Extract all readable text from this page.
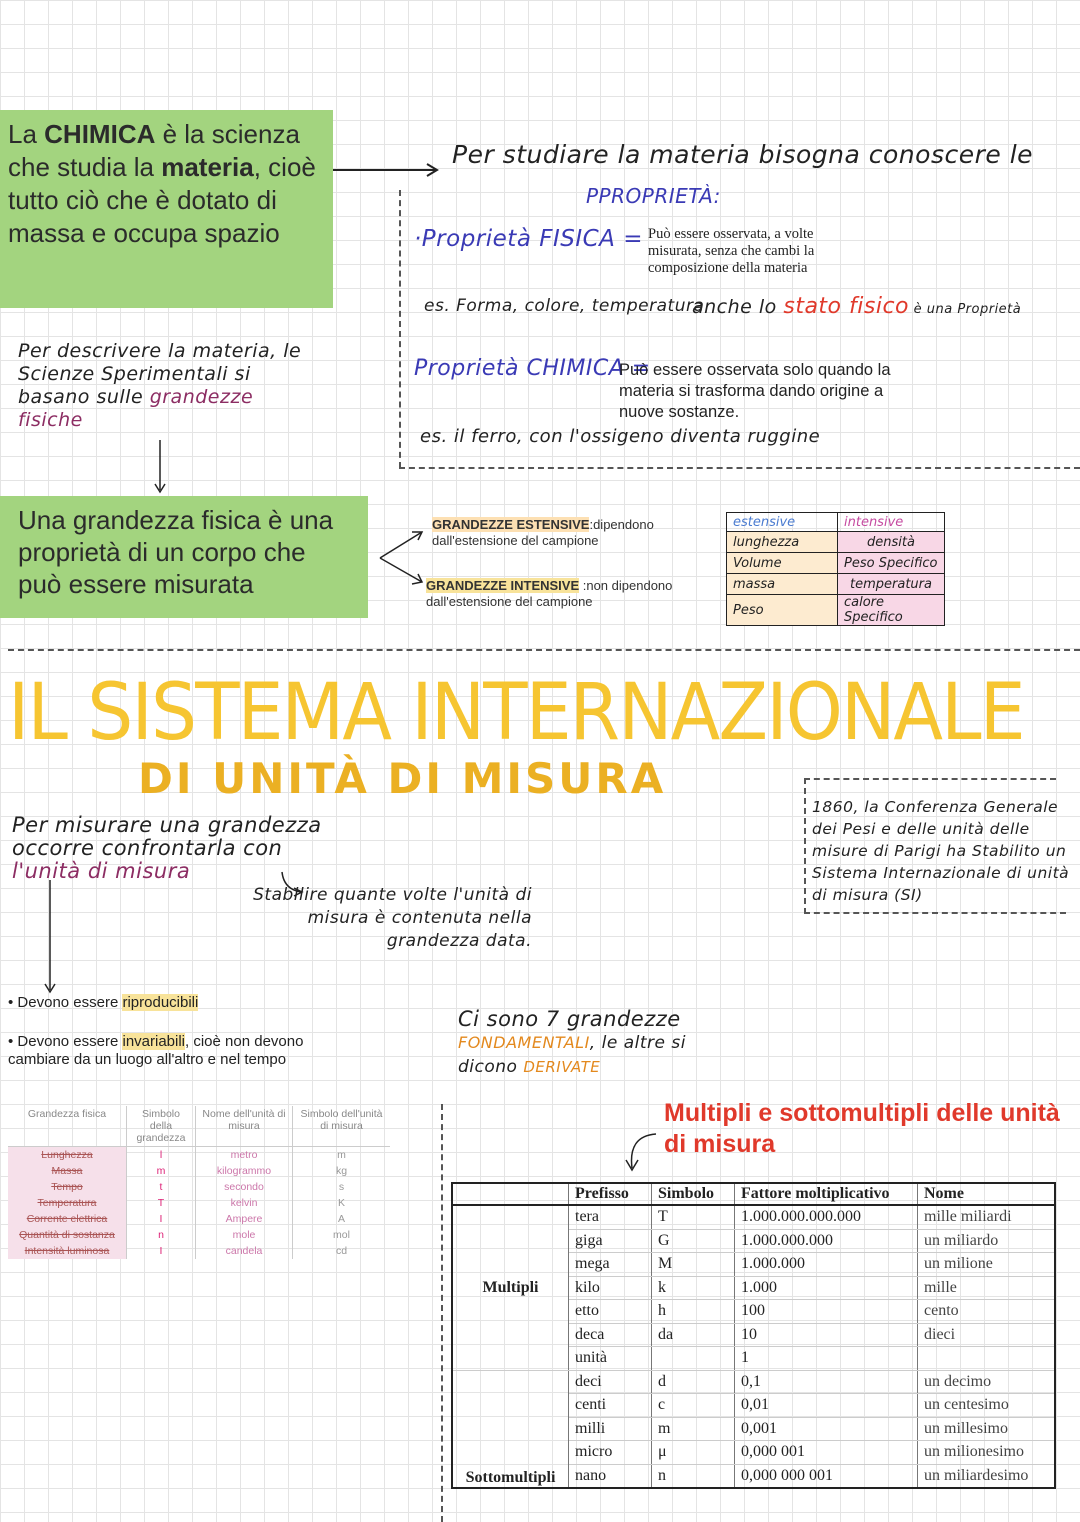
La CHIMICA è la scienza che studia la materia, cioè tutto ciò che è dotato di massa e occupa spazio
Per studiare la materia bisogna conoscere le
PPROPRIETÀ:
·Proprietà FISICA = Può essere osservata, a volte misurata, senza che cambi la composizione della materia
es. Forma, colore, temperatura
anche lo stato fisico è una Proprietà
Proprietà CHIMICA =
Può essere osservata solo quando la materia si trasforma dando origine a nuove sostanze.
es. il ferro, con l'ossigeno diventa ruggine
Per descrivere la materia, le Scienze Sperimentali si basano sulle grandezze fisiche
Una grandezza fisica è una proprietà di un corpo che può essere misurata
GRANDEZZE ESTENSIVE:dipendono dall'estensione del campione
GRANDEZZE INTENSIVE :non dipendono dall'estensione del campione
estensive	intensive
lunghezza	densità
Volume	Peso Specifico
massa	temperatura
Peso	calore Specifico
IL SISTEMA INTERNAZIONALE
DI UNITÀ DI MISURA
1860, la Conferenza Generale dei Pesi e delle unità delle misure di Parigi ha Stabilito un Sistema Internazionale di unità di misura (SI)
Per misurare una grandezza occorre confrontarla con l'unità di misura
Stabilire quante volte l'unità di misura è contenuta nella grandezza data.
• Devono essere riproducibili
• Devono essere invariabili, cioè non devono cambiare da un luogo all'altro e nel tempo
Ci sono 7 grandezze FONDAMENTALI, le altre si dicono DERIVATE
Grandezza fisica	Simbolo della grandezza	Nome dell'unità di misura	Simbolo dell'unità di misura
Lunghezza	l	metro	m
Massa	m	kilogrammo	kg
Tempo	t	secondo	s
Temperatura	T	kelvin	K
Corrente elettrica	I	Ampere	A
Quantità di sostanza	n	mole	mol
Intensità luminosa	I	candela	cd
Multipli e sottomultipli delle unità di misura
	Prefisso	Simbolo	Fattore moltiplicativo	Nome
Multipli	tera	T	1.000.000.000.000	mille miliardi
	giga	G	1.000.000.000	un miliardo
	mega	M	1.000.000	un milione
	kilo	k	1.000	mille
	etto	h	100	cento
	deca	da	10	dieci
	unità		1	
Sottomultipli	deci	d	0,1	un decimo
	centi	c	0,01	un centesimo
	milli	m	0,001	un millesimo
	micro	μ	0,000 001	un milionesimo
	nano	n	0,000 000 001	un miliardesimo
